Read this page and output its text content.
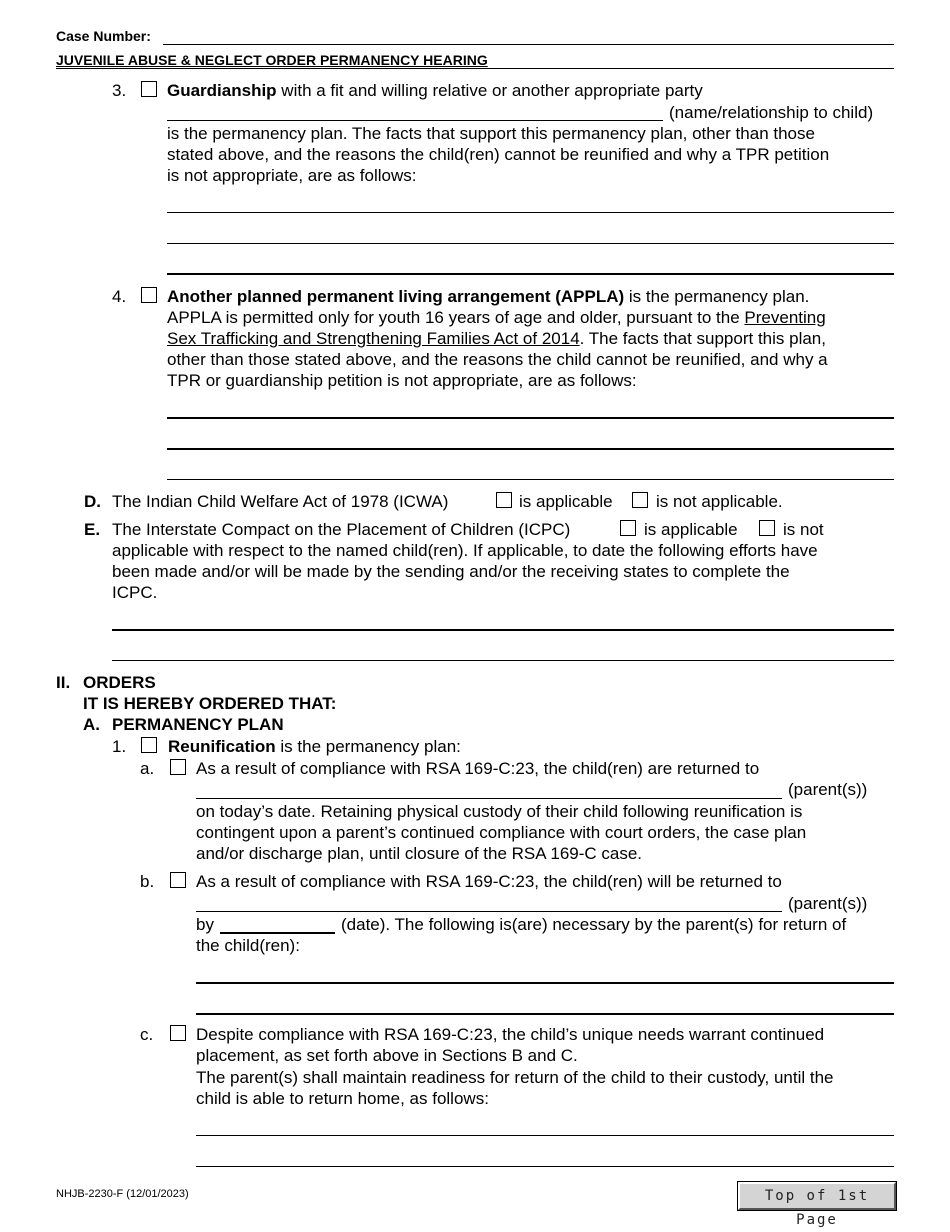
Case Number:
JUVENILE ABUSE & NEGLECT ORDER PERMANENCY HEARING
3. Guardianship with a fit and willing relative or another appropriate party
(name/relationship to child)
is the permanency plan. The facts that support this permanency plan, other than those
stated above, and the reasons the child(ren) cannot be reunified and why a TPR petition
is not appropriate, are as follows:
4. Another planned permanent living arrangement (APPLA) is the permanency plan.
APPLA is permitted only for youth 16 years of age and older, pursuant to the Preventing
Sex Trafficking and Strengthening Families Act of 2014. The facts that support this plan,
other than those stated above, and the reasons the child cannot be reunified, and why a
TPR or guardianship petition is not appropriate, are as follows:
D. The Indian Child Welfare Act of 1978 (ICWA)	is applicable	is not applicable.
E. The Interstate Compact on the Placement of Children (ICPC)	is applicable	is not
applicable with respect to the named child(ren). If applicable, to date the following efforts have
been made and/or will be made by the sending and/or the receiving states to complete the
ICPC.
II. ORDERS
IT IS HEREBY ORDERED THAT:
A. PERMANENCY PLAN
1. Reunification is the permanency plan:
a. As a result of compliance with RSA 169-C:23, the child(ren) are returned to
(parent(s))
on today’s date. Retaining physical custody of their child following reunification is
contingent upon a parent’s continued compliance with court orders, the case plan
and/or discharge plan, until closure of the RSA 169-C case.
b. As a result of compliance with RSA 169-C:23, the child(ren) will be returned to
(parent(s))
by	(date). The following is(are) necessary by the parent(s) for return of
the child(ren):
c.	Despite compliance with RSA 169-C:23, the child’s unique needs warrant continued
placement, as set forth above in Sections B and C.
The parent(s) shall maintain readiness for return of the child to their custody, until the
child is able to return home, as follows:
NHJB-2230-F (12/01/2023)	Top of 1st Page
